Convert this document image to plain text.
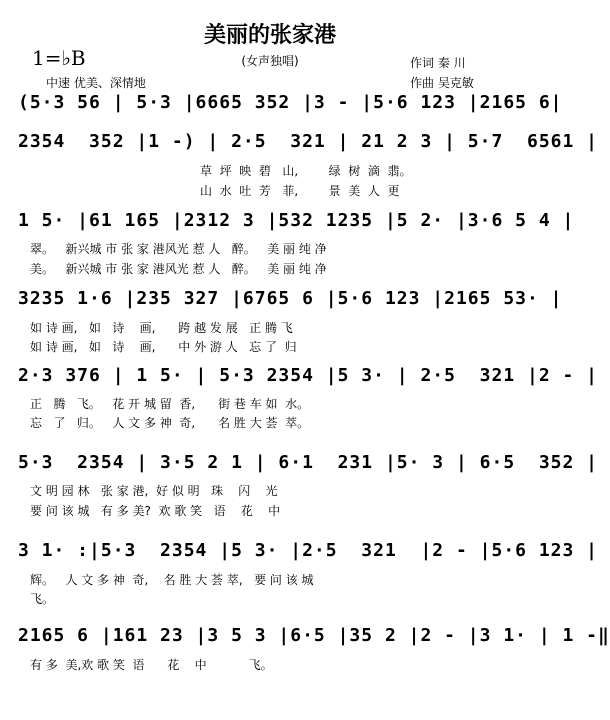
美丽的张家港
(女声独唱)
1=♭B	作词 秦 川
作曲 吴克敏
中速 优美、深情地
(5·3 56 | 5·3 |6665 352 |3 - |5·6 123 |2165 6|
2354  352 |1 -) | 2·5  321 | 21 2 3 | 5·7  6561 |
草  坪  映  碧   山,        绿  树  滴  翡。
山  水  吐  芳   菲,        景  美  人  更
1 5· |61 165 |2312 3 |532 1235 |5 2· |3·6 5 4 |
翠。   新兴城 市 张 家 港风光 惹 人   醉。   美 丽 纯 净
美。   新兴城 市 张 家 港风光 惹 人   醉。   美 丽 纯 净
3235 1·6 |235 327 |6765 6 |5·6 123 |2165 53· |
如 诗 画,   如   诗    画,      跨 越 发 展   正 腾 飞
如 诗 画,   如   诗    画,      中 外 游 人   忘 了  归
2·3 376 | 1 5· | 5·3 2354 |5 3· | 2·5  321 |2 - |
正   腾   飞。   花 开 城 留  香,      街 巷 车 如  水。
忘   了   归。   人 文 多 神  奇,      名 胜 大 荟  萃。
5·3  2354 | 3·5 2 1 | 6·1  231 |5· 3 | 6·5  352 |
文 明 园 林   张 家 港,  好 似 明   珠    闪    光
要 问 该 城   有 多 美?  欢 歌 笑   语    花    中
3 1· :|5·3  2354 |5 3· |2·5  321  |2 - |5·6 123 |
辉。   人 文 多 神  奇,    名 胜 大 荟 萃,   要 问 该 城
飞。
2165 6 |161 23 |3 5 3 |6·5 |35 2 |2 - |3 1· | 1 -‖
有 多  美,欢 歌 笑  语      花    中           飞。
